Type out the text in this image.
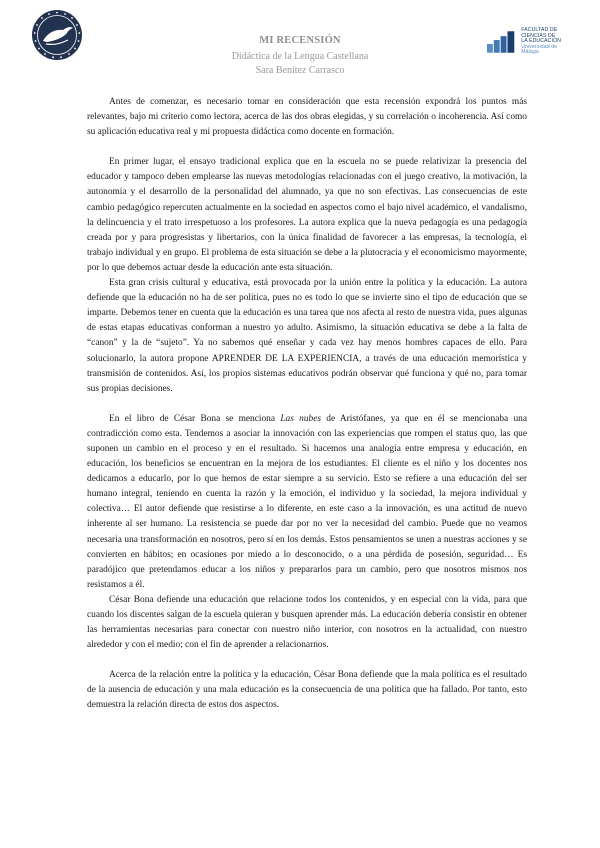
FACULTAD DE
CIENCIAS DE
LA EDUCACIÓN
Universidad de Málaga
MI RECENSIÓN
Didáctica de la Lengua Castellana
Sara Benítez Carrasco

Antes de comenzar, es necesario tomar en consideración que esta recensión expondrá los puntos más relevantes, bajo mi criterio como lectora, acerca de las dos obras elegidas, y su correlación o incoherencia. Así como su aplicación educativa real y mi propuesta didáctica como docente en formación.

En primer lugar, el ensayo tradicional explica que en la escuela no se puede relativizar la presencia del educador y tampoco deben emplearse las nuevas metodologías relacionadas con el juego creativo, la motivación, la autonomía y el desarrollo de la personalidad del alumnado, ya que no son efectivas. Las consecuencias de este cambio pedagógico repercuten actualmente en la sociedad en aspectos como el bajo nivel académico, el vandalismo, la delincuencia y el trato irrespetuoso a los profesores. La autora explica que la nueva pedagogía es una pedagogía creada por y para progresistas y libertarios, con la única finalidad de favorecer a las empresas, la tecnología, el trabajo individual y en grupo. El problema de esta situación se debe a la plutocracia y el economicismo mayormente, por lo que debemos actuar desde la educación ante esta situación.

Esta gran crisis cultural y educativa, está provocada por la unión entre la política y la educación. La autora defiende que la educación no ha de ser política, pues no es todo lo que se invierte sino el tipo de educación que se imparte. Debemos tener en cuenta que la educación es una tarea que nos afecta al resto de nuestra vida, pues algunas de estas etapas educativas conforman a nuestro yo adulto. Asimismo, la situación educativa se debe a la falta de “canon” y la de “sujeto”. Ya no sabemos qué enseñar y cada vez hay menos hombres capaces de ello. Para solucionarlo, la autora propone APRENDER DE LA EXPERIENCIA, a través de una educación memorística y transmisión de contenidos. Así, los propios sistemas educativos podrán observar qué funciona y qué no, para tomar sus propias decisiones.

En el libro de César Bona se menciona Las nubes de Aristófanes, ya que en él se mencionaba una contradicción como esta. Tendemos a asociar la innovación con las experiencias que rompen el status quo, las que suponen un cambio en el proceso y en el resultado. Si hacemos una analogía entre empresa y educación, en educación, los beneficios se encuentran en la mejora de los estudiantes. El cliente es el niño y los docentes nos dedicamos a educarlo, por lo que hemos de estar siempre a su servicio. Esto se refiere a una educación del ser humano integral, teniendo en cuenta la razón y la emoción, el individuo y la sociedad, la mejora individual y colectiva… El autor defiende que resistirse a lo diferente, en este caso a la innovación, es una actitud de nuevo inherente al ser humano. La resistencia se puede dar por no ver la necesidad del cambio. Puede que no veamos necesaria una transformación en nosotros, pero sí en los demás. Estos pensamientos se unen a nuestras acciones y se convierten en hábitos; en ocasiones por miedo a lo desconocido, o a una pérdida de posesión, seguridad… Es paradójico que pretendamos educar a los niños y prepararlos para un cambio, pero que nosotros mismos nos resistamos a él.

César Bona defiende una educación que relacione todos los contenidos, y en especial con la vida, para que cuando los discentes salgan de la escuela quieran y busquen aprender más. La educación debería consistir en obtener las herramientas necesarias para conectar con nuestro niño interior, con nosotros en la actualidad, con nuestro alrededor y con el medio; con el fin de aprender a relacionarnos.

Acerca de la relación entre la política y la educación, César Bona defiende que la mala política es el resultado de la ausencia de educación y una mala educación es la consecuencia de una política que ha fallado. Por tanto, esto demuestra la relación directa de estos dos aspectos.
